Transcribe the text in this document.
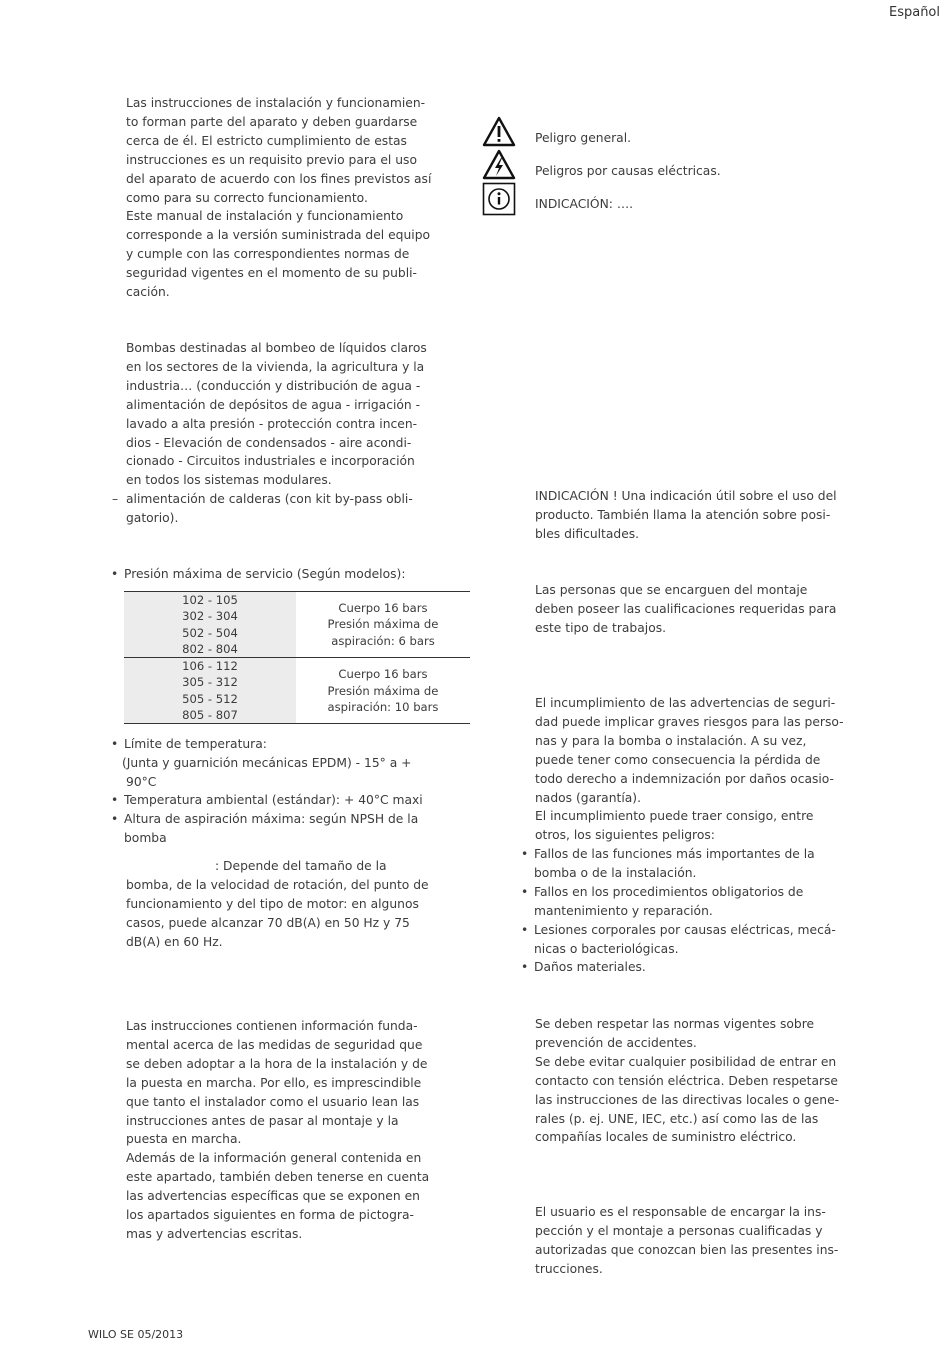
Español
WILO SE 05/2013

Las instrucciones de instalación y funcionamien-
to forman parte del aparato y deben guardarse
cerca de él. El estricto cumplimiento de estas
instrucciones es un requisito previo para el uso
del aparato de acuerdo con los fines previstos así
como para su correcto funcionamiento.
Este manual de instalación y funcionamiento
corresponde a la versión suministrada del equipo
y cumple con las correspondientes normas de
seguridad vigentes en el momento de su publi-
cación.

Bombas destinadas al bombeo de líquidos claros
en los sectores de la vivienda, la agricultura y la
industria… (conducción y distribución de agua -
alimentación de depósitos de agua - irrigación -
lavado a alta presión - protección contra incen-
dios - Elevación de condensados - aire acondi-
cionado - Circuitos industriales e incorporación
en todos los sistemas modulares.

– alimentación de calderas (con kit by-pass obli-
gatorio).
• Presión máxima de servicio (Según modelos):
102 - 105
302 - 304
502 - 504
802 - 804	Cuerpo 16 bars
Presión máxima de
aspiración: 6 bars
106 - 112
305 - 312
505 - 512
805 - 807	Cuerpo 16 bars
Presión máxima de
aspiración: 10 bars
• Límite de temperatura:
(Junta y guarnición mecánicas EPDM) - 15° a +
90°C
• Temperatura ambiental (estándar): + 40°C maxi
• Altura de aspiración máxima: según NPSH de la
bomba
: Depende del tamaño de la

bomba, de la velocidad de rotación, del punto de
funcionamiento y del tipo de motor: en algunos
casos, puede alcanzar 70 dB(A) en 50 Hz y 75
dB(A) en 60 Hz.

Las instrucciones contienen información funda-
mental acerca de las medidas de seguridad que
se deben adoptar a la hora de la instalación y de
la puesta en marcha. Por ello, es imprescindible
que tanto el instalador como el usuario lean las
instrucciones antes de pasar al montaje y la
puesta en marcha.
Además de la información general contenida en
este apartado, también deben tenerse en cuenta
las advertencias específicas que se exponen en
los apartados siguientes en forma de pictogra-
mas y advertencias escritas.

Peligro general.
Peligros por causas eléctricas.
INDICACIÓN: ….

INDICACIÓN ! Una indicación útil sobre el uso del
producto. También llama la atención sobre posi-
bles dificultades.

Las personas que se encarguen del montaje
deben poseer las cualificaciones requeridas para
este tipo de trabajos.

El incumplimiento de las advertencias de seguri-
dad puede implicar graves riesgos para las perso-
nas y para la bomba o instalación. A su vez,
puede tener como consecuencia la pérdida de
todo derecho a indemnización por daños ocasio-
nados (garantía).
El incumplimiento puede traer consigo, entre
otros, los siguientes peligros:

• Fallos de las funciones más importantes de la
bomba o de la instalación.
• Fallos en los procedimientos obligatorios de
mantenimiento y reparación.
• Lesiones corporales por causas eléctricas, mecá-
nicas o bacteriológicas.
• Daños materiales.

Se deben respetar las normas vigentes sobre
prevención de accidentes.
Se debe evitar cualquier posibilidad de entrar en
contacto con tensión eléctrica. Deben respetarse
las instrucciones de las directivas locales o gene-
rales (p. ej. UNE, IEC, etc.) así como las de las
compañías locales de suministro eléctrico.

El usuario es el responsable de encargar la ins-
pección y el montaje a personas cualificadas y
autorizadas que conozcan bien las presentes ins-
trucciones.
